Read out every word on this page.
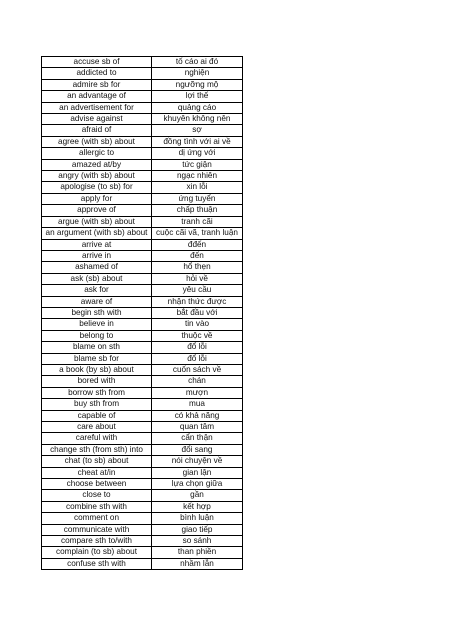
accuse sb of	tố cáo ai đó
addicted to	nghiện
admire sb for	ngưỡng mộ
an advantage of	lợi thế
an advertisement for	quảng cáo
advise against	khuyên không nên
afraid of	sợ
agree (with sb) about	đồng tình với ai về
allergic to	dị ứng với
amazed at/by	tức giận
angry (with sb) about	ngạc nhiên
apologise (to sb) for	xin lỗi
apply for	ứng tuyển
approve of	chấp thuận
argue (with sb) about	tranh cãi
an argument (with sb) about	cuộc cãi vã, tranh luận
arrive at	đđến
arrive in	đến
ashamed of	hổ thẹn
ask (sb) about	hỏi về
ask for	yêu cầu
aware of	nhận thức được
begin sth with	bắt đầu với
believe in	tin vào
belong to	thuộc về
blame on sth	đổ lỗi
blame sb for	đổ lỗi
a book (by sb) about	cuốn sách về
bored with	chán
borrow sth from	mượn
buy sth from	mua
capable of	có khả năng
care about	quan tâm
careful with	cẩn thận
change sth (from sth) into	đổi sang
chat (to sb) about	nói chuyện về
cheat at/in	gian lận
choose between	lựa chọn giữa
close to	gần
combine sth with	kết hợp
comment on	bình luận
communicate with	giao tiếp
compare sth to/with	so sánh
complain (to sb) about	than phiền
confuse sth with	nhầm lẫn
